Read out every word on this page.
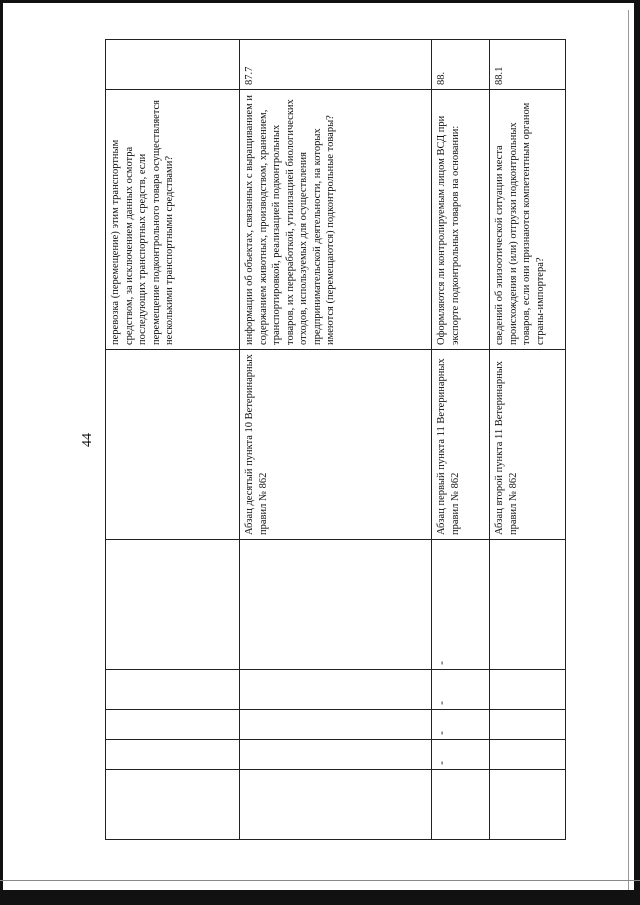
44
						перевозка (перемещение) этим транспортным средством, за исключением данных осмотра последующих транспортных средств, если перемещение подконтрольного товара осуществляется несколькими транспортными средствами?	
					Абзац десятый пункта 10 Ветеринарных правил № 862	информации об объектах, связанных с выращиванием и содержанием животных, производством, хранением, транспортировкой, реализацией подконтрольных товаров, их переработкой, утилизацией биологических отходов, используемых для осуществления предпринимательской деятельности, на которых имеются (перемещаются) подконтрольные товары?	87.7
	-	-	-	-	Абзац первый пункта 11 Ветеринарных правил № 862	Оформляются ли контролируемым лицом ВСД при экспорте подконтрольных товаров на основании:	88.
					Абзац второй пункта 11 Ветеринарных правил № 862	сведений об эпизоотической ситуации места происхождения и (или) отгрузки подконтрольных товаров, если они признаются компетентным органом страны-импортера?	88.1
